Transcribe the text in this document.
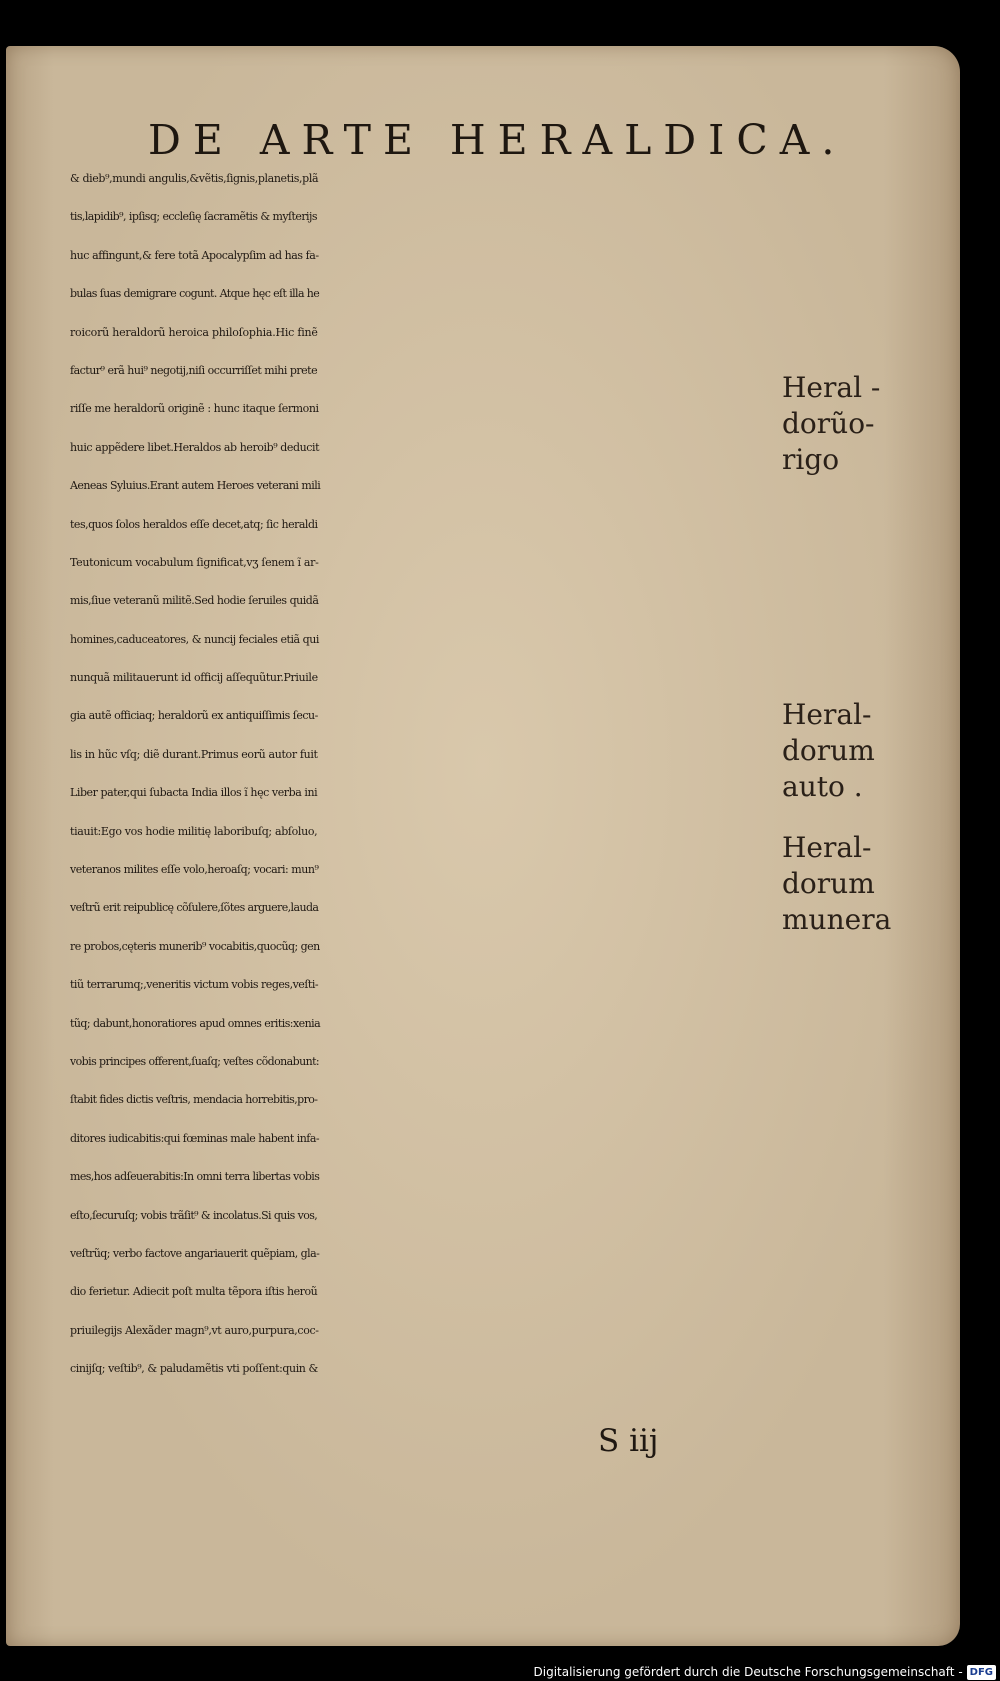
DE ARTE HERALDICA.
& dieb⁹,mundi angulis,&vẽtis,ſignis,planetis,plã
tis,lapidib⁹, ipſisq; eccleſię ſacramẽtis & myſterijs
huc affingunt,& fere totã Apocalypſim ad has fa-
bulas ſuas demigrare cogunt. Atque hęc eſt illa he
roicorũ heraldorũ heroica philoſophia.Hic finẽ
factur⁹ erã hui⁹ negotij,niſi occurriſſet mihi prete
riſſe me heraldorũ originẽ : hunc itaque ſermoni
huic appẽdere libet.Heraldos ab heroib⁹ deducit
Aeneas Syluius.Erant autem Heroes veterani mili
tes,quos ſolos heraldos eſſe decet,atq; ſic heraldi
Teutonicum vocabulum ſignificat,vʒ ſenem ĩ ar-
mis,ſiue veteranũ militẽ.Sed hodie ſeruiles quidã
homines,caduceatores, & nuncij feciales etiã qui
nunquã militauerunt id officij aſſequũtur.Priuile
gia autẽ officiaq; heraldorũ ex antiquiſſimis ſecu-
lis in hũc vſq; diẽ durant.Primus eorũ autor fuit
Liber pater,qui ſubacta India illos ĩ hęc verba ini
tiauit:Ego vos hodie militię laboribuſq; abſoluo,
veteranos milites eſſe volo,heroaſq; vocari: mun⁹
veſtrũ erit reipublicę cõſulere,ſõtes arguere,lauda
re probos,cęteris munerib⁹ vocabitis,quocũq; gen
tiũ terrarumq;,veneritis victum vobis reges,veſti-
tũq; dabunt,honoratiores apud omnes eritis:xenia
vobis principes offerent,ſuaſq; veſtes cõdonabunt:
ſtabit fides dictis veſtris, mendacia horrebitis,pro-
ditores iudicabitis:qui fœminas male habent infa-
mes,hos adſeuerabitis:In omni terra libertas vobis
eſto,ſecuruſq; vobis trãſit⁹ & incolatus.Si quis vos,
veſtrũq; verbo factove angariauerit quẽpiam, gla-
dio ferietur. Adiecit poſt multa tẽpora iſtis heroũ
priuilegijs Alexãder magn⁹,vt auro,purpura,coc-
cinijſq; veſtib⁹, & paludamẽtis vti poſſent:quin &
Heral -
dorũo-
rigo
Heral-
dorum
auto .
Heral-
dorum
munera
S iij
Digitalisierung gefördert durch die Deutsche Forschungsgemeinschaft - DFG
